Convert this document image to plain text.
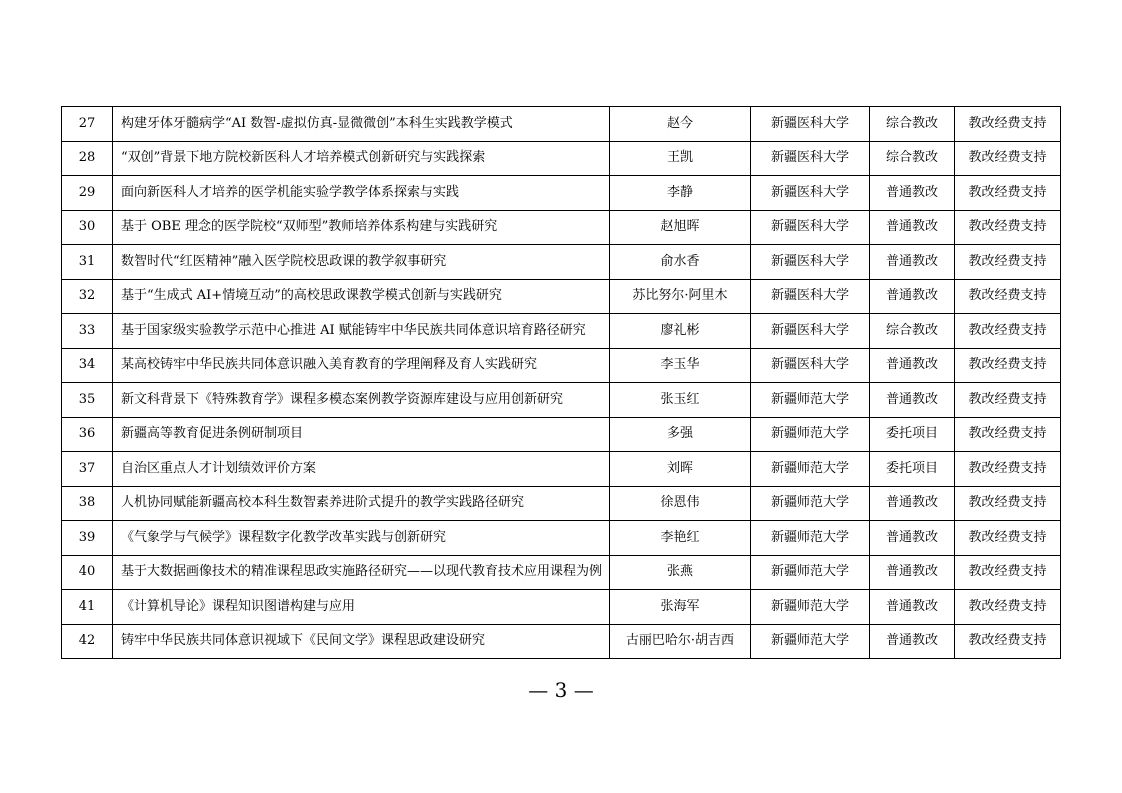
27	构建牙体牙髓病学“AI 数智-虚拟仿真-显微微创”本科生实践教学模式	赵今	新疆医科大学	综合教改	教改经费支持
28	“双创”背景下地方院校新医科人才培养模式创新研究与实践探索	王凯	新疆医科大学	综合教改	教改经费支持
29	面向新医科人才培养的医学机能实验学教学体系探索与实践	李静	新疆医科大学	普通教改	教改经费支持
30	基于 OBE 理念的医学院校“双师型”教师培养体系构建与实践研究	赵旭晖	新疆医科大学	普通教改	教改经费支持
31	数智时代“红医精神”融入医学院校思政课的教学叙事研究	俞水香	新疆医科大学	普通教改	教改经费支持
32	基于“生成式 AI+情境互动”的高校思政课教学模式创新与实践研究	苏比努尔·阿里木	新疆医科大学	普通教改	教改经费支持
33	基于国家级实验教学示范中心推进 AI 赋能铸牢中华民族共同体意识培育路径研究	廖礼彬	新疆医科大学	综合教改	教改经费支持
34	某高校铸牢中华民族共同体意识融入美育教育的学理阐释及育人实践研究	李玉华	新疆医科大学	普通教改	教改经费支持
35	新文科背景下《特殊教育学》课程多模态案例教学资源库建设与应用创新研究	张玉红	新疆师范大学	普通教改	教改经费支持
36	新疆高等教育促进条例研制项目	多强	新疆师范大学	委托项目	教改经费支持
37	自治区重点人才计划绩效评价方案	刘晖	新疆师范大学	委托项目	教改经费支持
38	人机协同赋能新疆高校本科生数智素养进阶式提升的教学实践路径研究	徐恩伟	新疆师范大学	普通教改	教改经费支持
39	《气象学与气候学》课程数字化教学改革实践与创新研究	李艳红	新疆师范大学	普通教改	教改经费支持
40	基于大数据画像技术的精准课程思政实施路径研究——以现代教育技术应用课程为例	张燕	新疆师范大学	普通教改	教改经费支持
41	《计算机导论》课程知识图谱构建与应用	张海军	新疆师范大学	普通教改	教改经费支持
42	铸牢中华民族共同体意识视域下《民间文学》课程思政建设研究	古丽巴哈尔·胡吉西	新疆师范大学	普通教改	教改经费支持
— 3 —
